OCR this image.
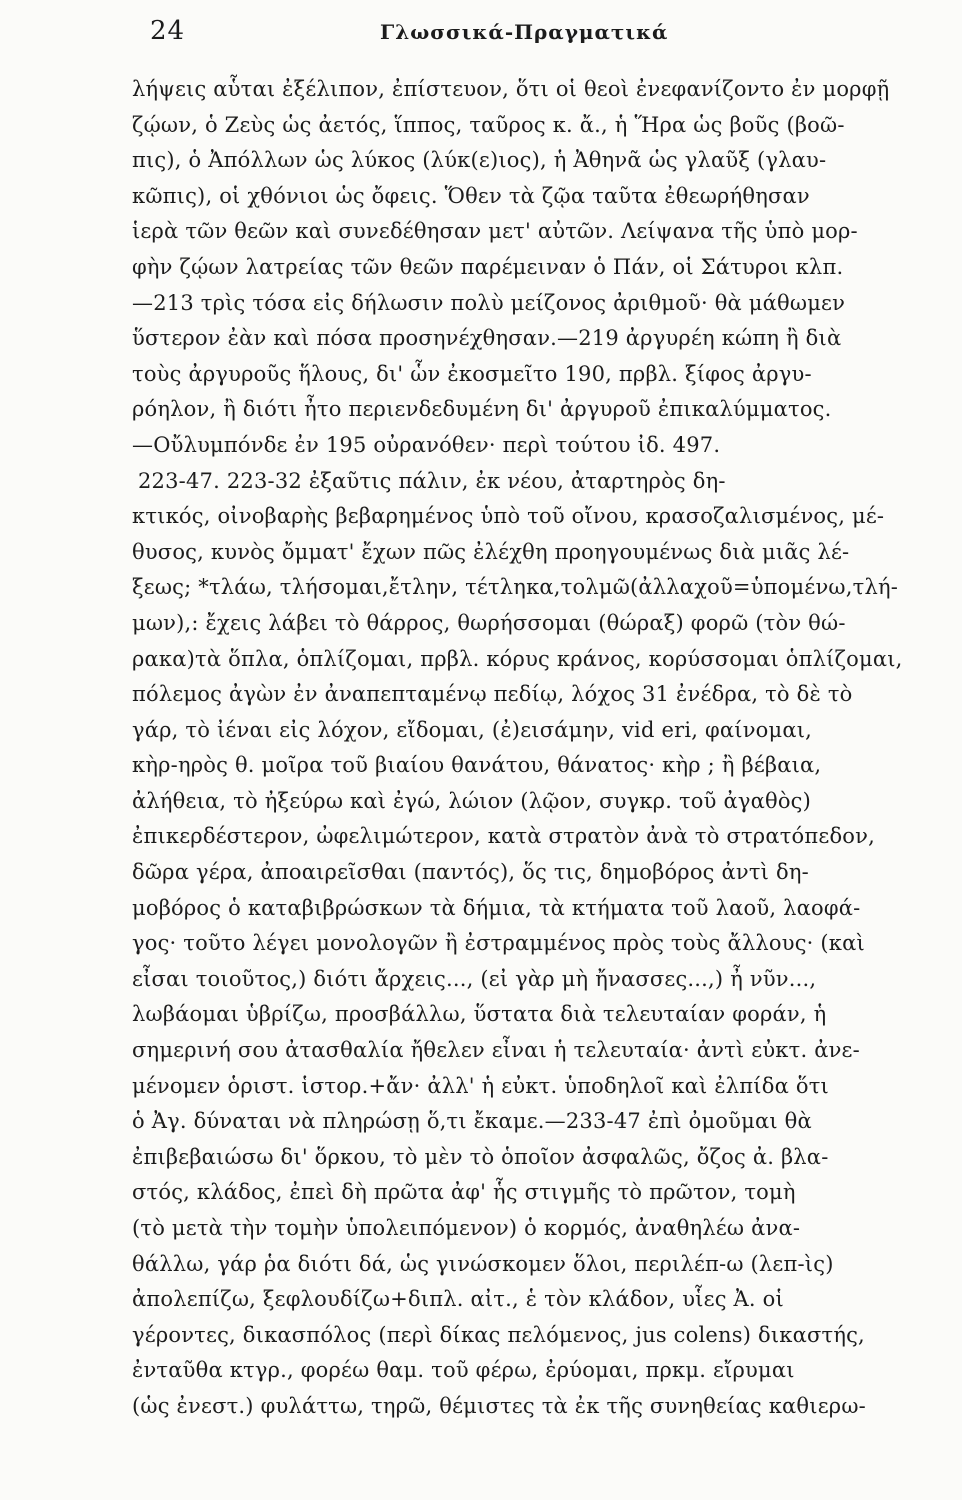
24	Γλωσσικά-Πραγματικά
λήψεις αὗται ἐξέλιπον, ἐπίστευον, ὅτι οἱ θεοὶ ἐνεφανίζοντο ἐν μορφῇ
ζῴων, ὁ Ζεὺς ὡς ἀετός, ἵππος, ταῦρος κ. ἄ., ἡ Ἥρα ὡς βοῦς (βοῶ-
πις), ὁ Ἀπόλλων ὡς λύκος (λύκ(ε)ιος), ἡ Ἀθηνᾶ ὡς γλαῦξ (γλαυ-
κῶπις), οἱ χθόνιοι ὡς ὄφεις. Ὅθεν τὰ ζῷα ταῦτα ἐθεωρήθησαν
ἱερὰ τῶν θεῶν καὶ συνεδέθησαν μετ' αὐτῶν. Λείψανα τῆς ὑπὸ μορ-
φὴν ζῴων λατρείας τῶν θεῶν παρέμειναν ὁ Πάν, οἱ Σάτυροι κλπ.
—213 τρὶς τόσα εἰς δήλωσιν πολὺ μείζονος ἀριθμοῦ· θὰ μάθωμεν
ὕστερον ἐὰν καὶ πόσα προσηνέχθησαν.—219 ἀργυρέη κώπη ἢ διὰ
τοὺς ἀργυροῦς ἥλους, δι' ὧν ἐκοσμεῖτο 190, πρβλ. ξίφος ἀργυ-
ρόηλον, ἢ διότι ἦτο περιενδεδυμένη δι' ἀργυροῦ ἐπικαλύμματος.
—Οὔλυμπόνδε ἐν 195 οὐρανόθεν· περὶ τούτου ἰδ. 497.
223-47. 223-32 ἐξαῦτις πάλιν, ἐκ νέου, ἀταρτηρὸς δη-
κτικός, οἰνοβαρὴς βεβαρημένος ὑπὸ τοῦ οἴνου, κρασοζαλισμένος, μέ-
θυσος, κυνὸς ὄμματ' ἔχων πῶς ἐλέχθη προηγουμένως διὰ μιᾶς λέ-
ξεως; *τλάω, τλήσομαι,ἔτλην, τέτληκα,τολμῶ(ἀλλαχοῦ=ὑπομένω,τλή-
μων),: ἔχεις λάβει τὸ θάρρος, θωρήσσομαι (θώραξ) φορῶ (τὸν θώ-
ρακα)τὰ ὅπλα, ὁπλίζομαι, πρβλ. κόρυς κράνος, κορύσσομαι ὁπλίζομαι,
πόλεμος ἀγὼν ἐν ἀναπεπταμένῳ πεδίῳ, λόχος 31 ἐνέδρα, τὸ δὲ τὸ
γάρ, τὸ ἰέναι εἰς λόχον, εἴδομαι, (ἐ)εισάμην, vid eri, φαίνομαι,
κὴρ-ηρὸς θ. μοῖρα τοῦ βιαίου θανάτου, θάνατος· κὴρ ; ἢ βέβαια,
ἀλήθεια, τὸ ἠξεύρω καὶ ἐγώ, λώιον (λῷον, συγκρ. τοῦ ἀγαθὸς)
ἐπικερδέστερον, ὠφελιμώτερον, κατὰ στρατὸν ἀνὰ τὸ στρατόπεδον,
δῶρα γέρα, ἀποαιρεῖσθαι (παντός), ὅς τις, δημοβόρος ἀντὶ δη-
μοβόρος ὁ καταβιβρώσκων τὰ δήμια, τὰ κτήματα τοῦ λαοῦ, λαοφά-
γος· τοῦτο λέγει μονολογῶν ἢ ἐστραμμένος πρὸς τοὺς ἄλλους· (καὶ
εἶσαι τοιοῦτος,) διότι ἄρχεις..., (εἰ γὰρ μὴ ἤνασσες...,) ἦ νῦν...,
λωβάομαι ὑβρίζω, προσβάλλω, ὕστατα διὰ τελευταίαν φοράν, ἡ
σημερινή σου ἀτασθαλία ἤθελεν εἶναι ἡ τελευταία· ἀντὶ εὐκτ. ἀνε-
μένομεν ὁριστ. ἱστορ.+ἄν· ἀλλ' ἡ εὐκτ. ὑποδηλοῖ καὶ ἐλπίδα ὅτι
ὁ Ἀγ. δύναται νὰ πληρώσῃ ὅ,τι ἔκαμε.—233-47 ἐπὶ ὀμοῦμαι θὰ
ἐπιβεβαιώσω δι' ὅρκου, τὸ μὲν τὸ ὁποῖον ἀσφαλῶς, ὄζος ἀ. βλα-
στός, κλάδος, ἐπεὶ δὴ πρῶτα ἀφ' ἧς στιγμῆς τὸ πρῶτον, τομὴ
(τὸ μετὰ τὴν τομὴν ὑπολειπόμενον) ὁ κορμός, ἀναθηλέω ἀνα-
θάλλω, γάρ ῥα διότι δά, ὡς γινώσκομεν ὅλοι, περιλέπ-ω (λεπ-ὶς)
ἀπολεπίζω, ξεφλουδίζω+διπλ. αἰτ., ἑ τὸν κλάδον, υἷες Ἀ. οἱ
γέροντες, δικασπόλος (περὶ δίκας πελόμενος, jus colens) δικαστής,
ἐνταῦθα κτγρ., φορέω θαμ. τοῦ φέρω, ἐρύομαι, πρκμ. εἴρυμαι
(ὡς ἐνεστ.) φυλάττω, τηρῶ, θέμιστες τὰ ἐκ τῆς συνηθείας καθιερω-
